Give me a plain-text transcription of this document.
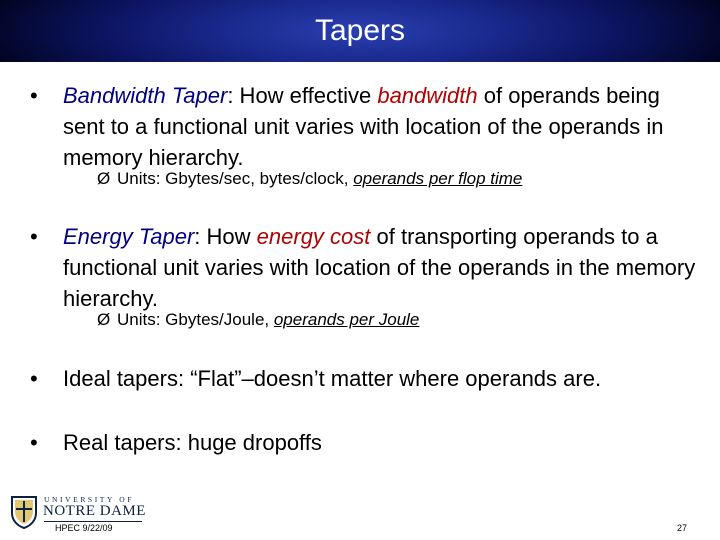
Tapers
•	Bandwidth Taper: How effective bandwidth of operands being sent to a functional unit varies with location of the operands in memory hierarchy.
Ø Units: Gbytes/sec, bytes/clock, operands per flop time
•	Energy Taper: How energy cost of transporting operands to a functional unit varies with location of the operands in the memory hierarchy.
Ø Units: Gbytes/Joule, operands per Joule
•	Ideal tapers: “Flat”–doesn’t matter where operands are.
•	Real tapers: huge dropoffs
UNIVERSITY OF
NOTRE DAME
HPEC 9/22/09	27
